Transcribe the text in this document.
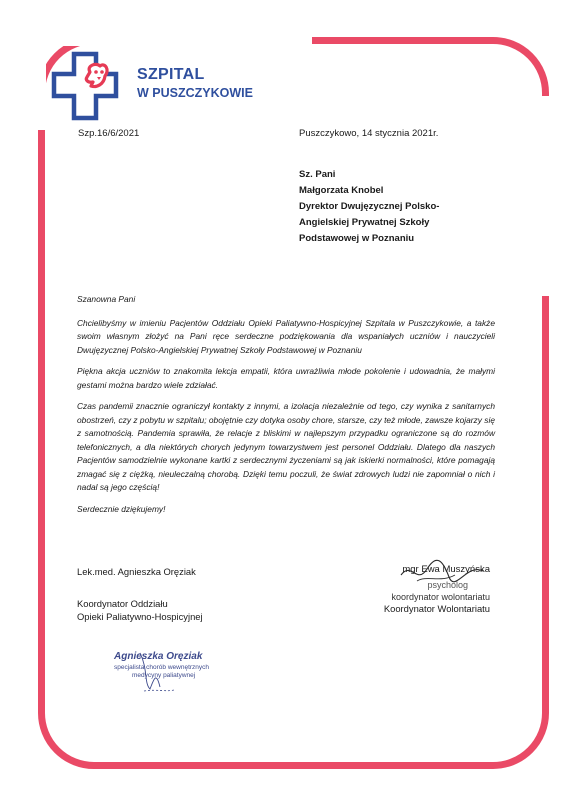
SZPITAL
W PUSZCZYKOWIE
Szp.16/6/2021	Puszczykowo, 14 stycznia 2021r.
Sz. Pani
Małgorzata Knobel
Dyrektor Dwujęzycznej Polsko-
Angielskiej Prywatnej Szkoły
Podstawowej w Poznaniu

Szanowna Pani

Chcielibyśmy w imieniu Pacjentów Oddziału Opieki Paliatywno-Hospicyjnej Szpitala w Puszczykowie, a także swoim własnym złożyć na Pani ręce serdeczne podziękowania dla wspaniałych uczniów i nauczycieli Dwujęzycznej Polsko-Angielskiej Prywatnej Szkoły Podstawowej w Poznaniu

Piękna akcja uczniów to znakomita lekcja empatii, która uwrażliwia młode pokolenie i udowadnia, że małymi gestami można bardzo wiele zdziałać.

Czas pandemii znacznie ograniczył kontakty z innymi, a izolacja niezależnie od tego, czy wynika z sanitarnych obostrzeń, czy z pobytu w szpitalu; obojętnie czy dotyka osoby chore, starsze, czy też młode, zawsze kojarzy się z samotnością. Pandemia sprawiła, że relacje z bliskimi w najlepszym przypadku ograniczone są do rozmów telefonicznych, a dla niektórych chorych jedynym towarzystwem jest personel Oddziału. Dlatego dla naszych Pacjentów samodzielnie wykonane kartki z serdecznymi życzeniami są jak iskierki normalności, które pomagają zmagać się z ciężką, nieuleczalną chorobą. Dzięki temu poczuli, że świat zdrowych ludzi nie zapomniał o nich i nadal są jego częścią!

Serdecznie dziękujemy!

Lek.med. Agnieszka Oręziak
Koordynator Oddziału
Opieki Paliatywno-Hospicyjnej
mgr Ewa Muszyńska
psycholog
koordynator wolontariatu
Koordynator Wolontariatu
Agnieszka Oręziak
specjalista chorób wewnętrznych
medycyny paliatywnej
